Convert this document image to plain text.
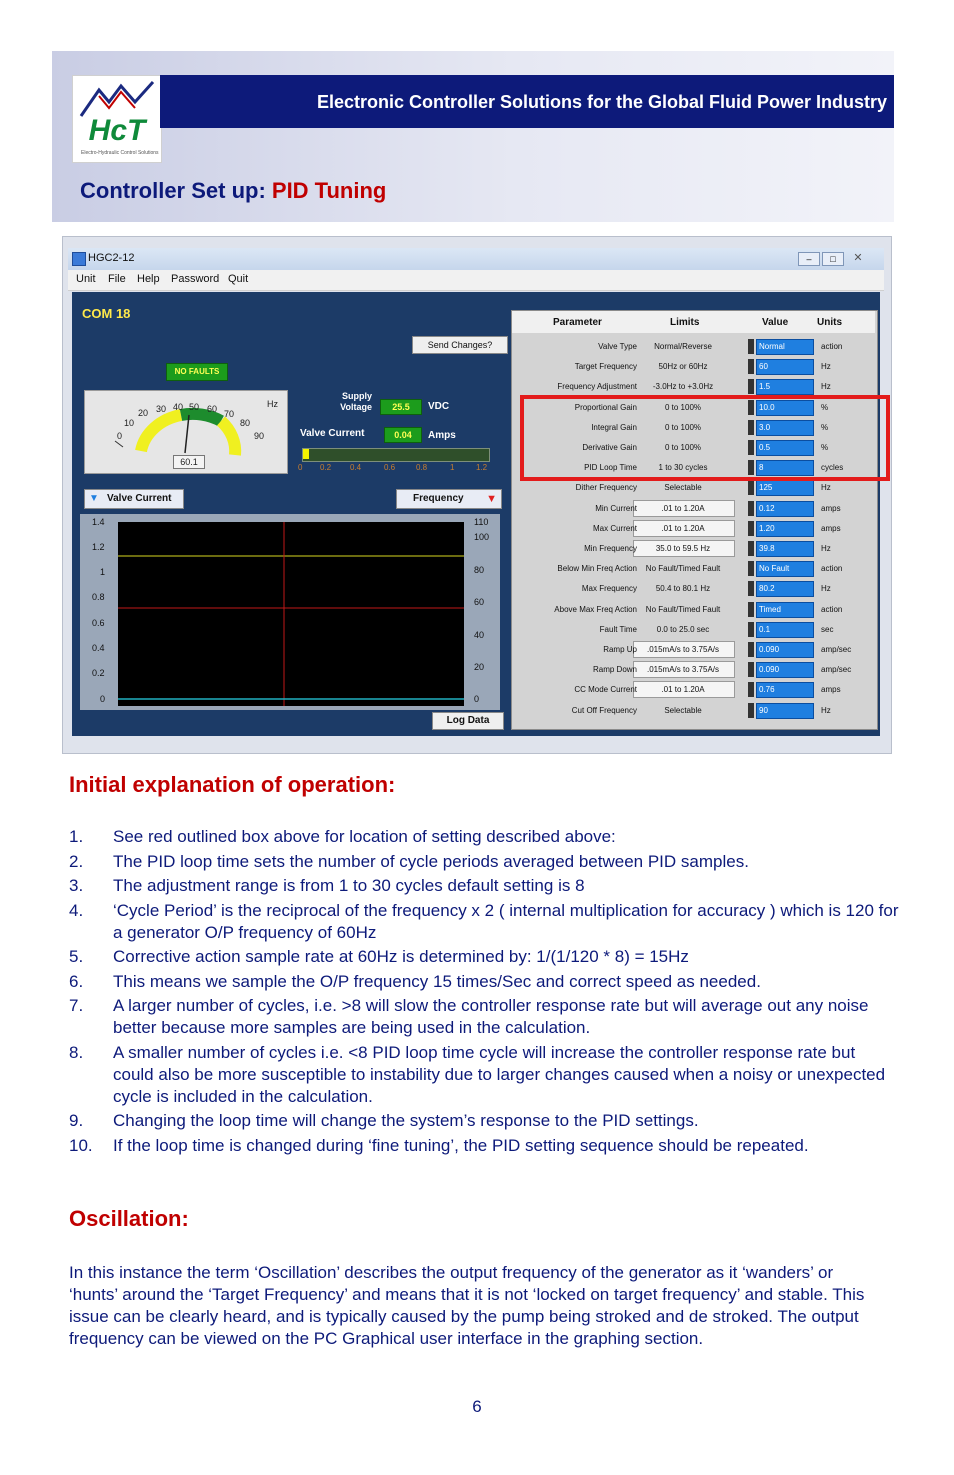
HcT
Electro-Hydraulic Control Solutions
Electronic Controller Solutions for the Global Fluid Power Industry
Controller Set up: PID Tuning
HGC2-12	–	□	✕
Unit File Help Password Quit
COM 18
NO FAULTS
0
10
20 30 40 50 60 70
80
90
Hz
60.1
Send Changes?
Supply Voltage	25.5	VDC
Valve Current	0.04	Amps
0 0.2 0.4	0.6	0.8	1	1.2
▼ Valve Current	Frequency ▼
1.4
1.2
1
0.8
0.6
0.4
0.2
0
110
100
80
60
40
20
0
Log Data
Parameter	Limits	Value	Units
Valve Type	Normal/Reverse	Normal	action
Target Frequency	50Hz or 60Hz	60	Hz
Frequency Adjustment	-3.0Hz to +3.0Hz	1.5	Hz
Proportional Gain	0 to 100%	10.0	%
Integral Gain	0 to 100%	3.0	%
Derivative Gain	0 to 100%	0.5	%
PID Loop Time	1 to 30 cycles	8	cycles
Dither Frequency	Selectable	125	Hz
Min Current	.01 to 1.20A	0.12	amps
Max Current	.01 to 1.20A	1.20	amps
Min Frequency	35.0 to 59.5 Hz	39.8	Hz
Below Min Freq Action	No Fault/Timed Fault	No Fault	action
Max Frequency	50.4 to 80.1 Hz	80.2	Hz
Above Max Freq Action	No Fault/Timed Fault	Timed	action
Fault Time	0.0 to 25.0 sec	0.1	sec
Ramp Up	.015mA/s to 3.75A/s	0.090	amp/sec
Ramp Down	.015mA/s to 3.75A/s	0.090	amp/sec
CC Mode Current	.01 to 1.20A	0.76	amps
Cut Off Frequency	Selectable	90	Hz
Initial explanation of operation:
1. See red outlined box above for location of setting described above:
2. The PID loop time sets the number of cycle periods averaged between PID samples.
3. The adjustment range is from 1 to 30 cycles default setting is 8
4. ‘Cycle Period’ is the reciprocal of the frequency x 2 ( internal multiplication for accuracy ) which is 120 for a generator O/P frequency of 60Hz
5. Corrective action sample rate at 60Hz is determined by: 1/(1/120 * 8) = 15Hz
6. This means we sample the O/P frequency 15 times/Sec and correct speed as needed.
7. A larger number of cycles, i.e. >8 will slow the controller response rate but will average out any noise better because more samples are being used in the calculation.
8. A smaller number of cycles i.e. <8 PID loop time cycle will increase the controller response rate but could also be more susceptible to instability due to larger changes caused when a noisy or unexpected cycle is included in the calculation.
9. Changing the loop time will change the system’s response to the PID settings.
10. If the loop time is changed during ‘fine tuning’, the PID setting sequence should be repeated.
Oscillation:

In this instance the term ‘Oscillation’ describes the output frequency of the generator as it ‘wanders’ or ‘hunts’ around the ‘Target Frequency’ and means that it is not ‘locked on target frequency’ and stable. This issue can be clearly heard, and is typically caused by the pump being stroked and de stroked. The output frequency can be viewed on the PC Graphical user interface in the graphing section.

6
